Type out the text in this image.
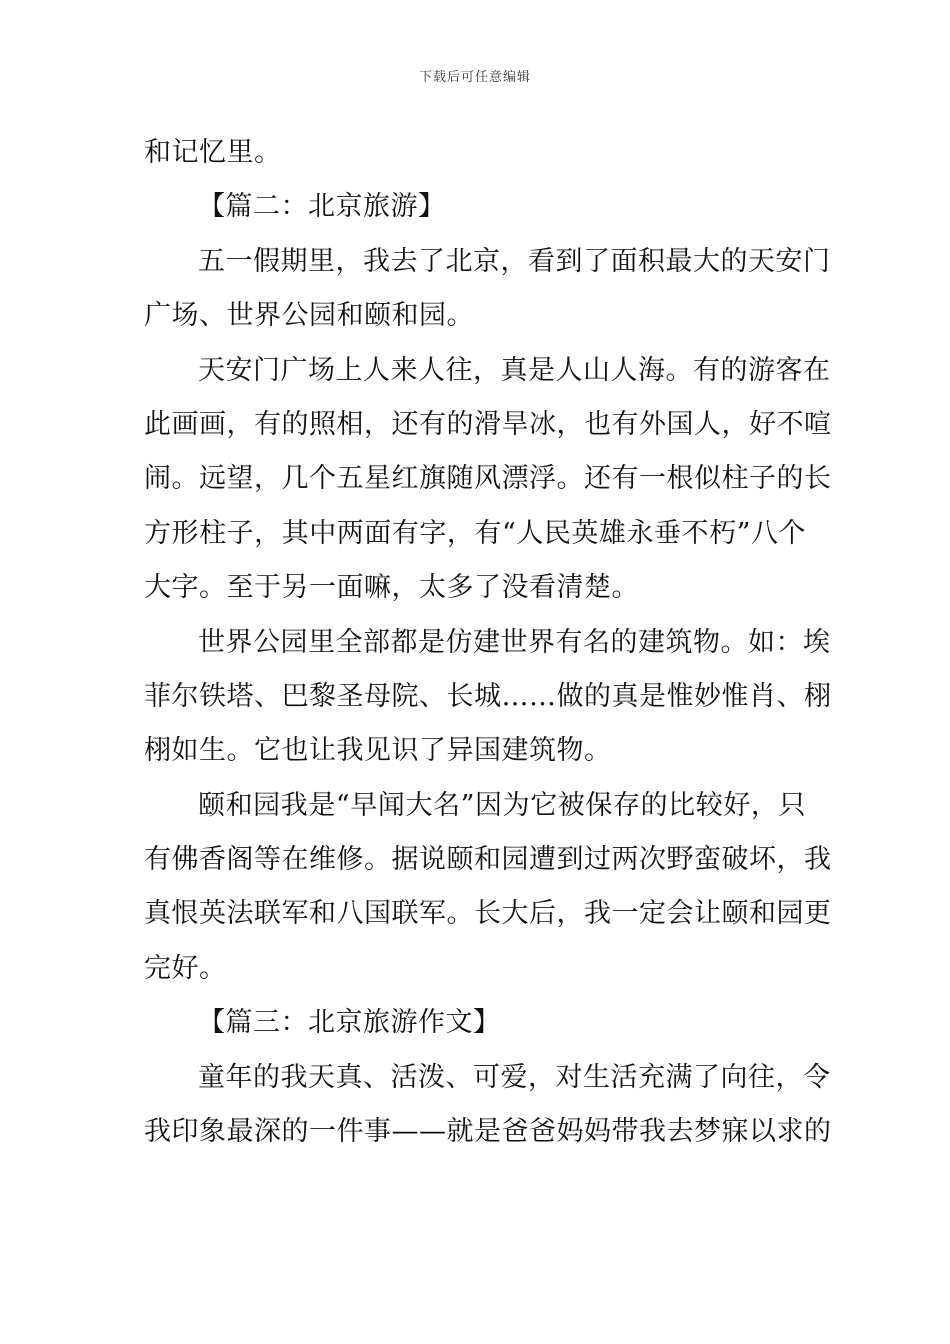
下载后可任意编辑
和记忆里。
【篇二：北京旅游】
五一假期里，我去了北京，看到了面积最大的天安门
广场、世界公园和颐和园。
天安门广场上人来人往，真是人山人海。有的游客在
此画画，有的照相，还有的滑旱冰，也有外国人，好不喧
闹。远望，几个五星红旗随风漂浮。还有一根似柱子的长
方形柱子，其中两面有字，有“人民英雄永垂不朽”八个
大字。至于另一面嘛，太多了没看清楚。
世界公园里全部都是仿建世界有名的建筑物。如：埃
菲尔铁塔、巴黎圣母院、长城……做的真是惟妙惟肖、栩
栩如生。它也让我见识了异国建筑物。
颐和园我是“早闻大名”因为它被保存的比较好，只
有佛香阁等在维修。据说颐和园遭到过两次野蛮破坏，我
真恨英法联军和八国联军。长大后，我一定会让颐和园更
完好。
【篇三：北京旅游作文】
童年的我天真、活泼、可爱，对生活充满了向往，令
我印象最深的一件事——就是爸爸妈妈带我去梦寐以求的
